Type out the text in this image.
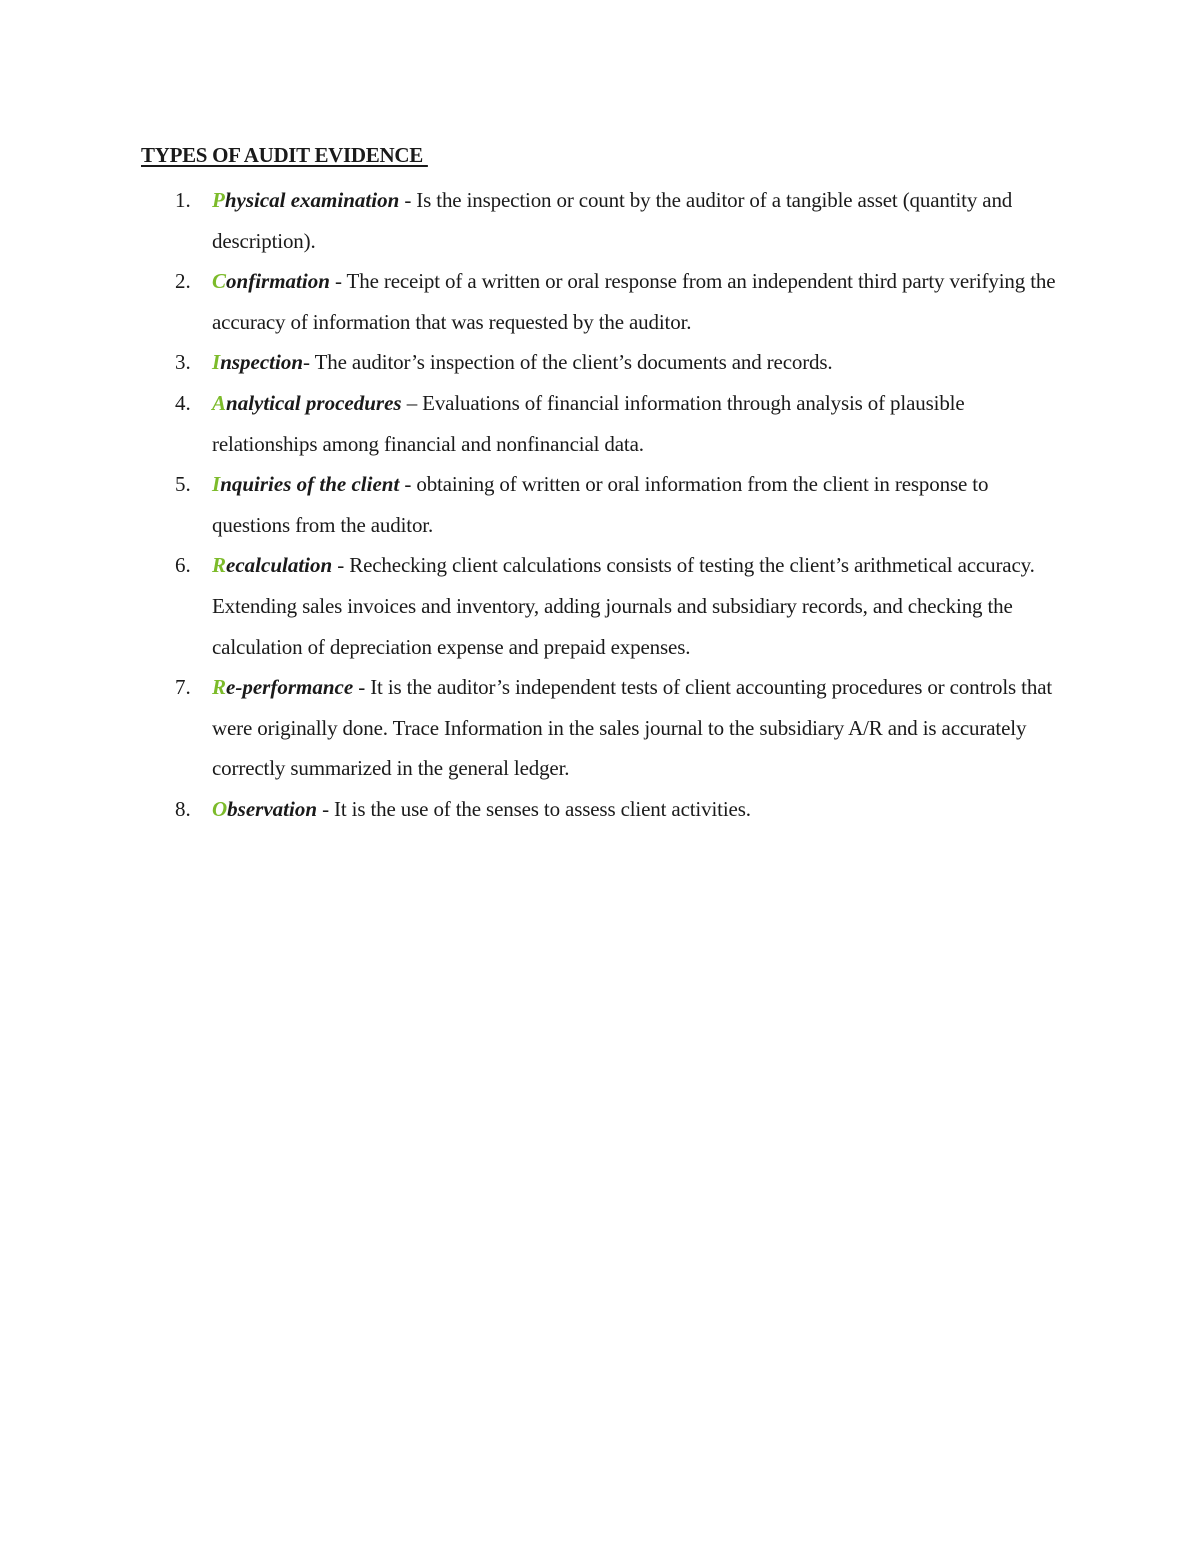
TYPES OF AUDIT EVIDENCE
1. Physical examination - Is the inspection or count by the auditor of a tangible asset (quantity and description).
2. Confirmation - The receipt of a written or oral response from an independent third party verifying the accuracy of information that was requested by the auditor.
3. Inspection- The auditor’s inspection of the client’s documents and records.
4. Analytical procedures – Evaluations of financial information through analysis of plausible relationships among financial and nonfinancial data.
5. Inquiries of the client - obtaining of written or oral information from the client in response to questions from the auditor.
6. Recalculation - Rechecking client calculations consists of testing the client’s arithmetical accuracy. Extending sales invoices and inventory, adding journals and subsidiary records, and checking the calculation of depreciation expense and prepaid expenses.
7. Re-performance - It is the auditor’s independent tests of client accounting procedures or controls that were originally done. Trace Information in the sales journal to the subsidiary A/R and is accurately correctly summarized in the general ledger.
8. Observation - It is the use of the senses to assess client activities.
